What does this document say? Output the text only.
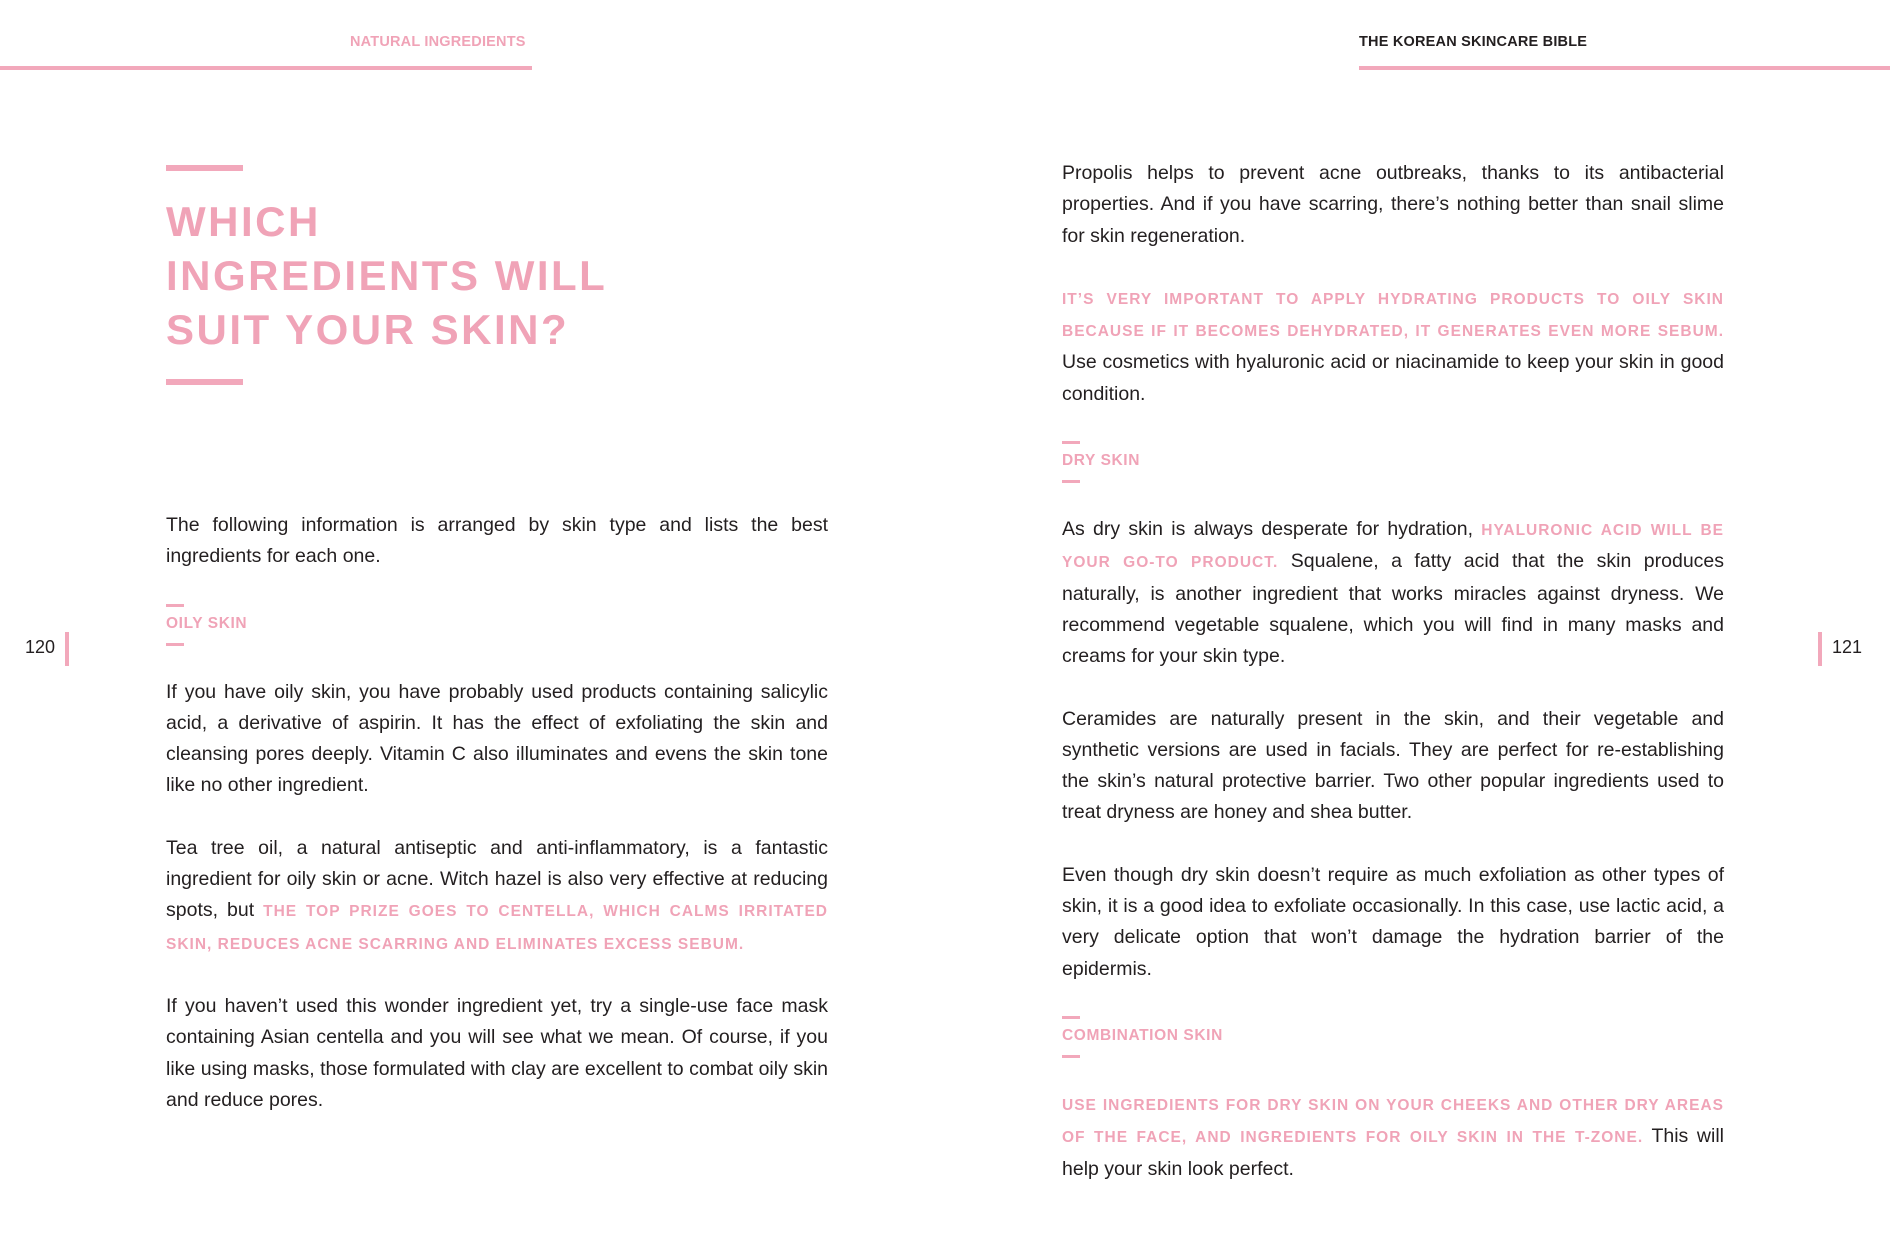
NATURAL INGREDIENTS	THE KOREAN SKINCARE BIBLE
120	121
WHICH
INGREDIENTS WILL
SUIT YOUR SKIN?

The following information is arranged by skin type and lists the best ingredients for each one.

OILY SKIN

If you have oily skin, you have probably used products containing salicylic acid, a derivative of aspirin. It has the effect of exfoliating the skin and cleansing pores deeply. Vitamin C also illuminates and evens the skin tone like no other ingredient.

Tea tree oil, a natural antiseptic and anti-inflammatory, is a fantastic ingredient for oily skin or acne. Witch hazel is also very effective at reducing spots, but THE TOP PRIZE GOES TO CENTELLA, WHICH CALMS IRRITATED SKIN, REDUCES ACNE SCARRING AND ELIMINATES EXCESS SEBUM.

If you haven’t used this wonder ingredient yet, try a single-use face mask containing Asian centella and you will see what we mean. Of course, if you like using masks, those formulated with clay are excellent to combat oily skin and reduce pores.

Propolis helps to prevent acne outbreaks, thanks to its antibacterial properties. And if you have scarring, there’s nothing better than snail slime for skin regeneration.

IT’S VERY IMPORTANT TO APPLY HYDRATING PRODUCTS TO OILY SKIN BECAUSE IF IT BECOMES DEHYDRATED, IT GENERATES EVEN MORE SEBUM. Use cosmetics with hyaluronic acid or niacinamide to keep your skin in good condition.

DRY SKIN

As dry skin is always desperate for hydration, HYALURONIC ACID WILL BE YOUR GO-TO PRODUCT. Squalene, a fatty acid that the skin produces naturally, is another ingredient that works miracles against dryness. We recommend vegetable squalene, which you will find in many masks and creams for your skin type.

Ceramides are naturally present in the skin, and their vegetable and synthetic versions are used in facials. They are perfect for re-establishing the skin’s natural protective barrier. Two other popular ingredients used to treat dryness are honey and shea butter.

Even though dry skin doesn’t require as much exfoliation as other types of skin, it is a good idea to exfoliate occasionally. In this case, use lactic acid, a very delicate option that won’t damage the hydration barrier of the epidermis.

COMBINATION SKIN

USE INGREDIENTS FOR DRY SKIN ON YOUR CHEEKS AND OTHER DRY AREAS OF THE FACE, AND INGREDIENTS FOR OILY SKIN IN THE T-ZONE. This will help your skin look perfect.
